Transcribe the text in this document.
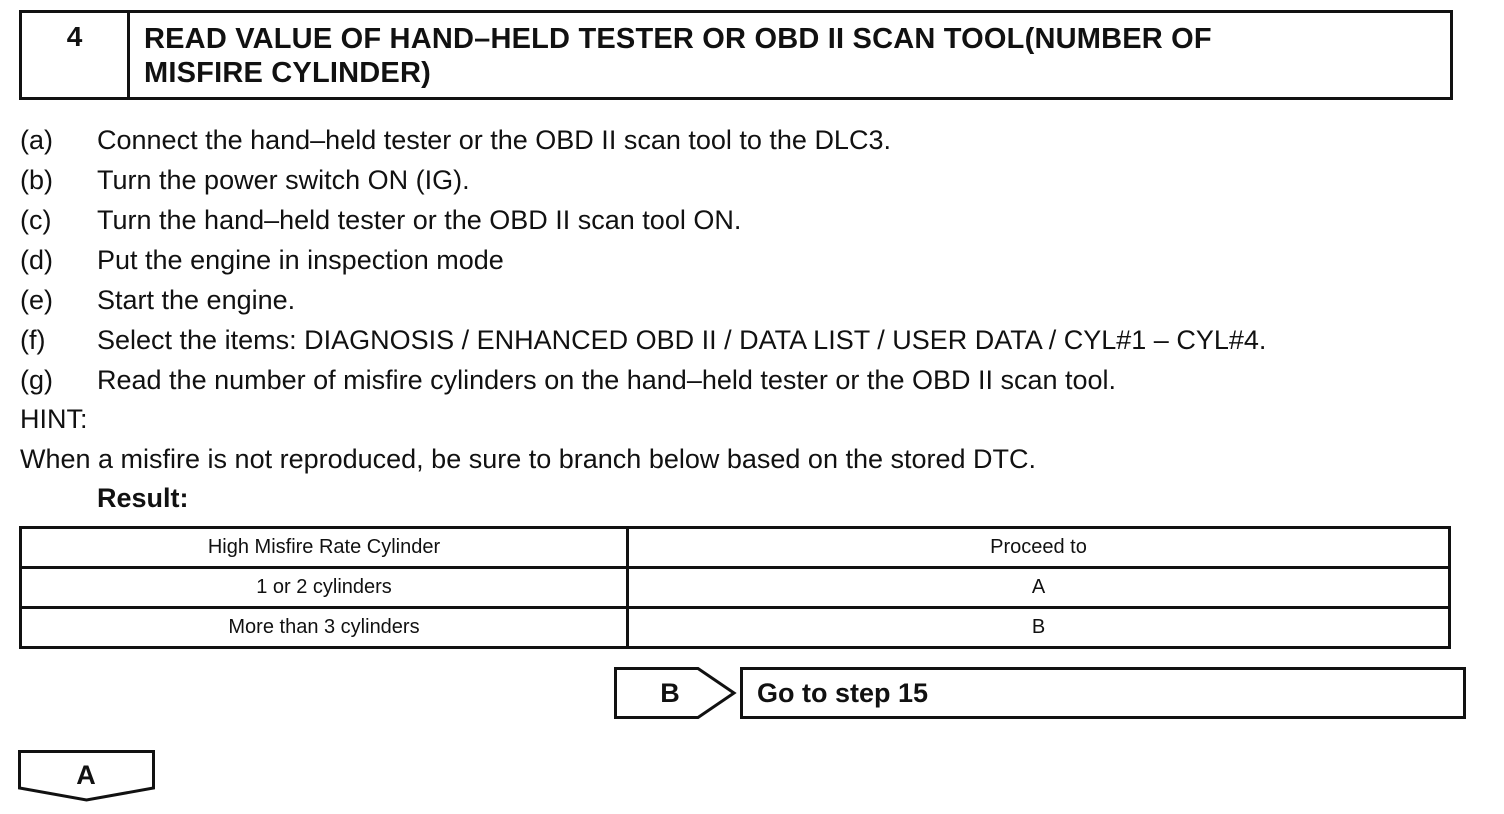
4	READ VALUE OF HAND–HELD TESTER OR OBD II SCAN TOOL(NUMBER OF
MISFIRE CYLINDER)
(a)	Connect the hand–held tester or the OBD II scan tool to the DLC3.
(b)	Turn the power switch ON (IG).
(c)	Turn the hand–held tester or the OBD II scan tool ON.
(d)	Put the engine in inspection mode
(e)	Start the engine.
(f)	Select the items: DIAGNOSIS / ENHANCED OBD II / DATA LIST / USER DATA / CYL#1 – CYL#4.
(g)	Read the number of misfire cylinders on the hand–held tester or the OBD II scan tool.
HINT:
When a misfire is not reproduced, be sure to branch below based on the stored DTC.
Result:
High Misfire Rate Cylinder	Proceed to
1 or 2 cylinders	A
More than 3 cylinders	B
B	Go to step 15
A
